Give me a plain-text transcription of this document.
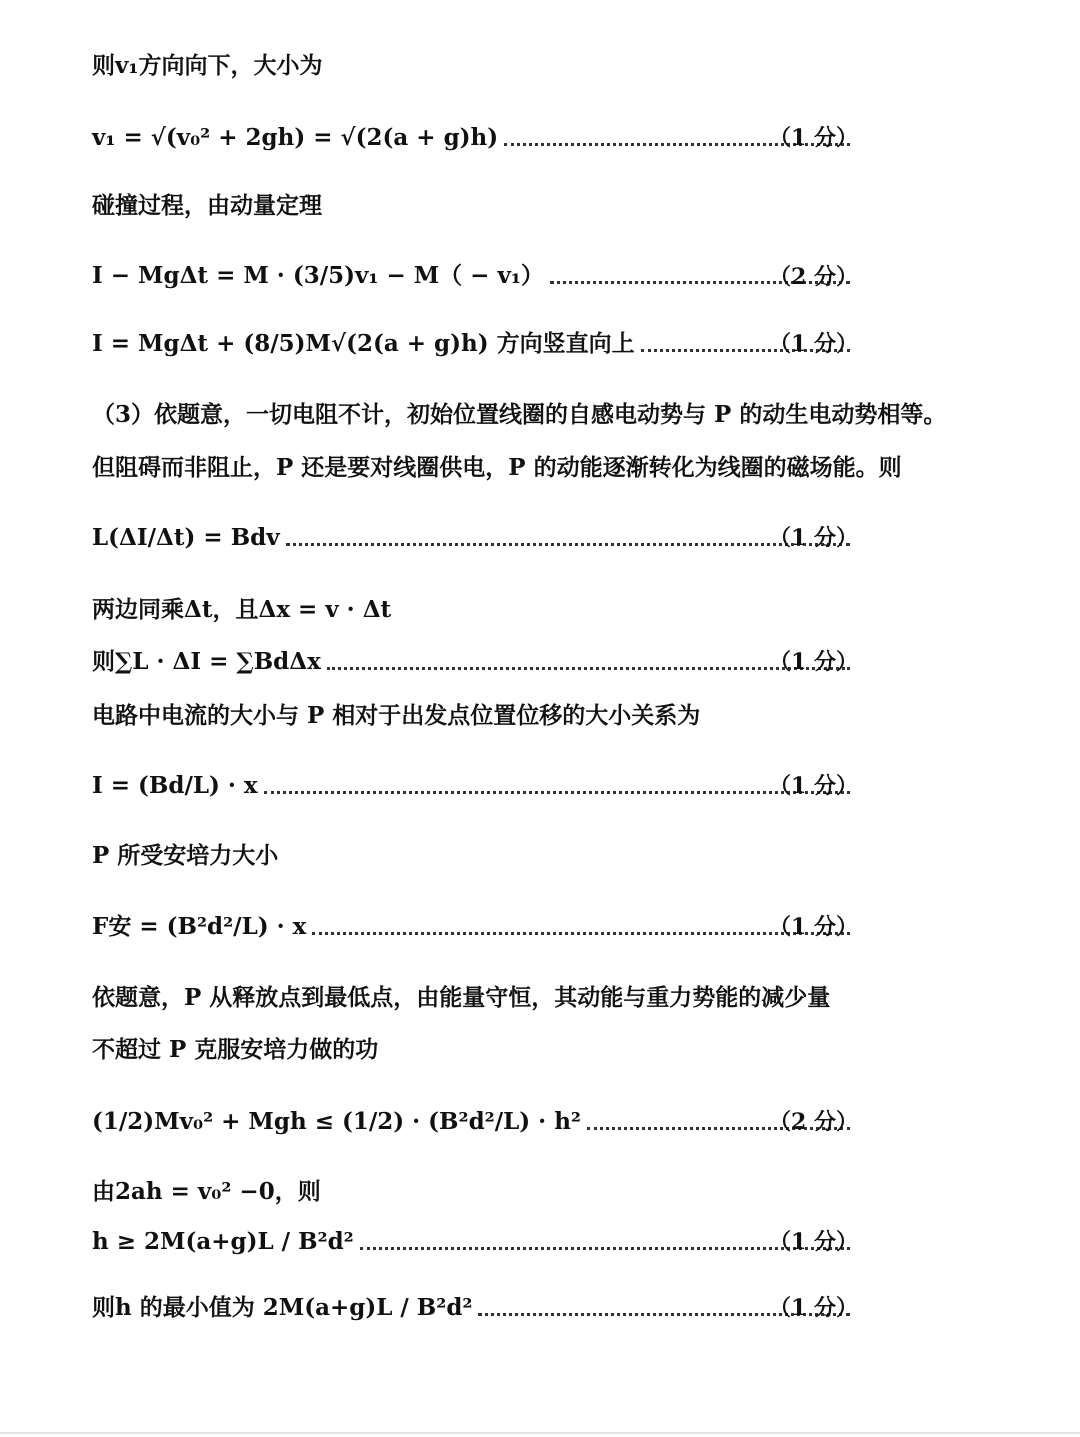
则v₁方向向下，大小为
v₁ = √(v₀² + 2gh) = √(2(a + g)h)	（1 分）
碰撞过程，由动量定理
I − MgΔt = M · (3/5)v₁ − M（ − v₁）	（2 分）
I = MgΔt + (8/5)M√(2(a + g)h) 方向竖直向上	（1 分）
（3）依题意，一切电阻不计，初始位置线圈的自感电动势与 P 的动生电动势相等。
但阻碍而非阻止，P 还是要对线圈供电，P 的动能逐渐转化为线圈的磁场能。则
L(ΔI/Δt) = Bdv	（1 分）
两边同乘Δt，且Δx = v · Δt
则∑L · ΔI = ∑BdΔx	（1 分）
电路中电流的大小与 P 相对于出发点位置位移的大小关系为
I = (Bd/L) · x	（1 分）
P 所受安培力大小
F安 = (B²d²/L) · x	（1 分）
依题意，P 从释放点到最低点，由能量守恒，其动能与重力势能的减少量
不超过 P 克服安培力做的功
(1/2)Mv₀² + Mgh ≤ (1/2) · (B²d²/L) · h²	（2 分）
由2ah = v₀² −0，则
h ≥ 2M(a+g)L / B²d²	（1 分）
则h 的最小值为 2M(a+g)L / B²d²	（1 分）
